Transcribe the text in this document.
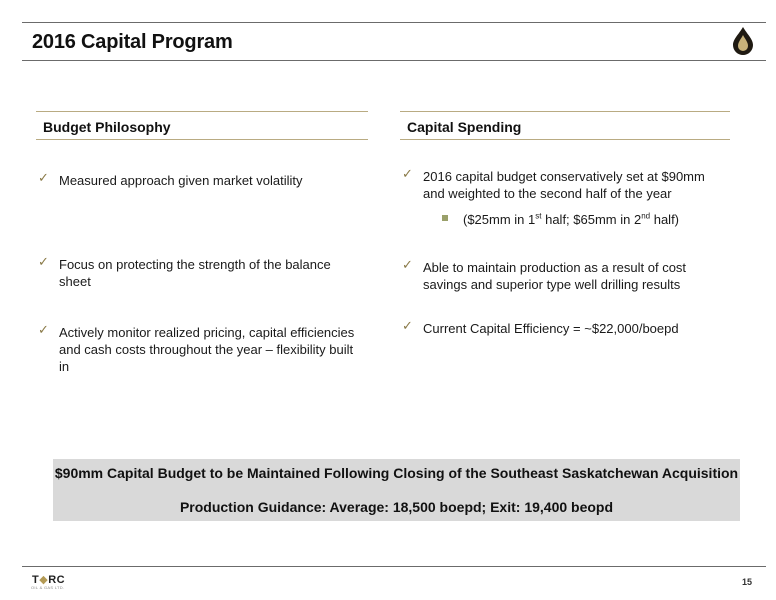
2016 Capital Program
Budget Philosophy
✓ Measured approach given market volatility
✓ Focus on protecting the strength of the balance
sheet
✓ Actively monitor realized pricing, capital efficiencies
and cash costs throughout the year – flexibility built
in
Capital Spending
✓ 2016 capital budget conservatively set at $90mm
and weighted to the second half of the year
($25mm in 1st half; $65mm in 2nd half)
✓ Able to maintain production as a result of cost
savings and superior type well drilling results
✓ Current Capital Efficiency = ~$22,000/boepd
$90mm Capital Budget to be Maintained Following Closing of the Southeast Saskatchewan Acquisition
Production Guidance: Average: 18,500 boepd; Exit: 19,400 beopd
T◆RC
OIL & GAS LTD.
15
